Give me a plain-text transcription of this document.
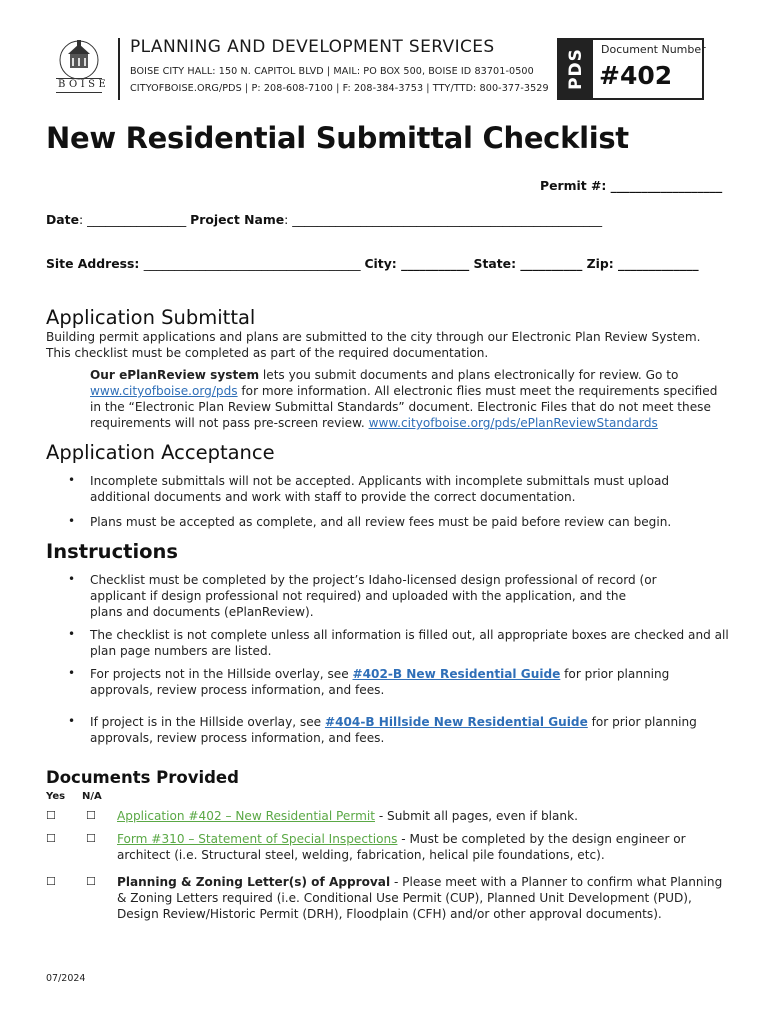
BOISE
PLANNING AND DEVELOPMENT SERVICES
BOISE CITY HALL: 150 N. CAPITOL BLVD | MAIL: PO BOX 500, BOISE ID 83701-0500
CITYOFBOISE.ORG/PDS | P: 208-608-7100 | F: 208-384-3753 | TTY/TTD: 800-377-3529 PDS Document Number
#402
New Residential Submittal Checklist
Permit #: __________________
Date: ________________ Project Name: __________________________________________________
Site Address: ___________________________________ City: ___________ State: __________ Zip: _____________
Application Submittal
Building permit applications and plans are submitted to the city through our Electronic Plan Review System. This checklist must be completed as part of the required documentation.
Our ePlanReview system lets you submit documents and plans electronically for review. Go to www.cityofboise.org/pds for more information. All electronic flies must meet the requirements specified in the “Electronic Plan Review Submittal Standards” document. Electronic Files that do not meet these requirements will not pass pre-screen review. www.cityofboise.org/pds/ePlanReviewStandards
Application Acceptance
• Incomplete submittals will not be accepted. Applicants with incomplete submittals must upload additional documents and work with staff to provide the correct documentation.
• Plans must be accepted as complete, and all review fees must be paid before review can begin.
Instructions
• Checklist must be completed by the project’s Idaho-licensed design professional of record (or applicant if design professional not required) and uploaded with the application, and the plans and documents (ePlanReview).
• The checklist is not complete unless all information is filled out, all appropriate boxes are checked and all plan page numbers are listed.
• For projects not in the Hillside overlay, see #402-B New Residential Guide for prior planning approvals, review process information, and fees.
• If project is in the Hillside overlay, see #404-B Hillside New Residential Guide for prior planning approvals, review process information, and fees.
Documents Provided
Yes N/A
☐	☐ Application #402 – New Residential Permit - Submit all pages, even if blank.
☐	☐ Form #310 – Statement of Special Inspections - Must be completed by the design engineer or architect (i.e. Structural steel, welding, fabrication, helical pile foundations, etc).
☐	☐ Planning & Zoning Letter(s) of Approval - Please meet with a Planner to confirm what Planning & Zoning Letters required (i.e. Conditional Use Permit (CUP), Planned Unit Development (PUD), Design Review/Historic Permit (DRH), Floodplain (CFH) and/or other approval documents).
07/2024
